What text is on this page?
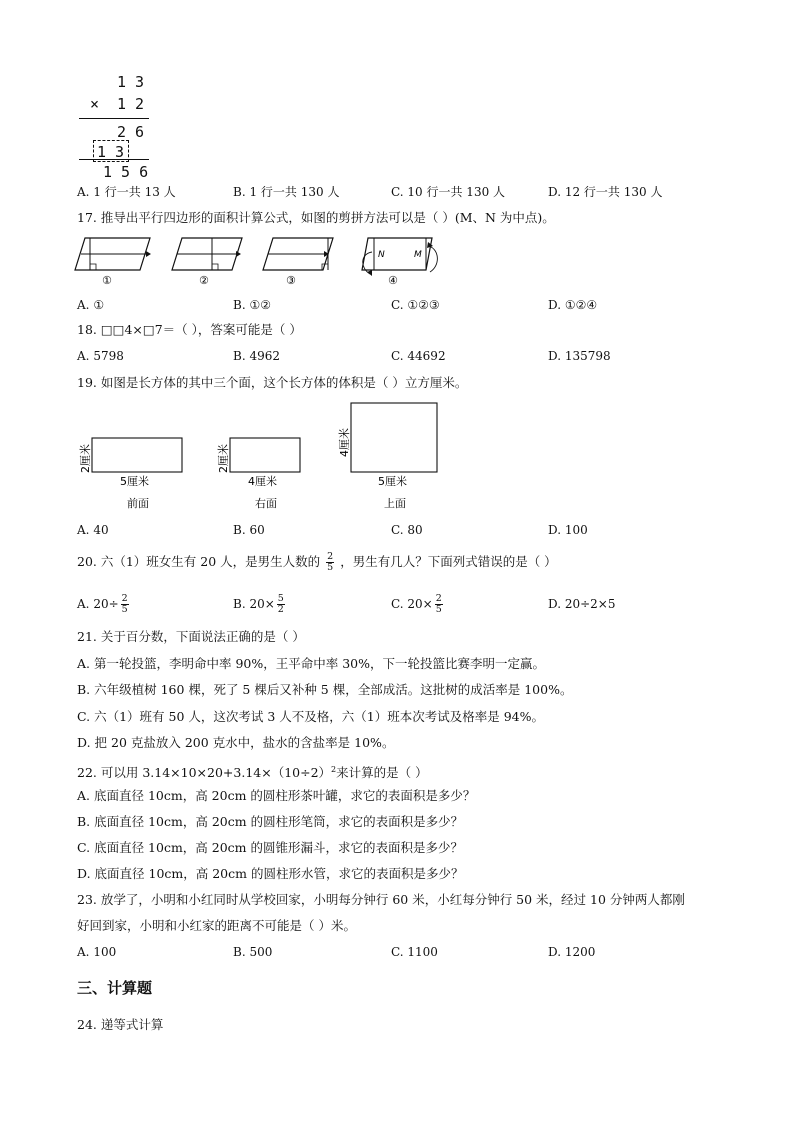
1 3
× 1 2
2 6
1 3
1 5 6
A. 1 行一共 13 人	B. 1 行一共 130 人	C. 10 行一共 130 人	D. 12 行一共 130 人
17. 推导出平行四边形的面积计算公式，如图的剪拼方法可以是（ ）(M、N 为中点)。
①	②	③
N	M
④
A. ①	B. ①②	C. ①②③	D. ①②④
18. □□4×□7＝（ ），答案可能是（ ）
A. 5798	B. 4962	C. 44692	D. 135798
19. 如图是长方体的其中三个面，这个长方体的体积是（ ）立方厘米。
2厘米
5厘米
前面
2厘米
4厘米
右面
4厘米
5厘米
上面
A. 40	B. 60	C. 80	D. 100
20. 六（1）班女生有 20 人，是男生人数的 $\frac{2}{5}$ ，男生有几人？下面列式错误的是（ ）
A. $20\div \frac{2}{5}$	B. $20\times \frac{5}{2}$	C. $20\times \frac{2}{5}$	D. 20÷2×5
21. 关于百分数，下面说法正确的是（ ）
A. 第一轮投篮，李明命中率 90%，王平命中率 30%，下一轮投篮比赛李明一定赢。
B. 六年级植树 160 棵，死了 5 棵后又补种 5 棵，全部成活。这批树的成活率是 100%。
C. 六（1）班有 50 人，这次考试 3 人不及格，六（1）班本次考试及格率是 94%。
D. 把 20 克盐放入 200 克水中，盐水的含盐率是 10%。
22. 可以用 $3.14\times 10\times 20+3.14\times(10\div 2)^2$来计算的是（ ）
A. 底面直径 10cm，高 20cm 的圆柱形茶叶罐，求它的表面积是多少？
B. 底面直径 10cm，高 20cm 的圆柱形笔筒，求它的表面积是多少？
C. 底面直径 10cm，高 20cm 的圆锥形漏斗，求它的表面积是多少？
D. 底面直径 10cm，高 20cm 的圆柱形水管，求它的表面积是多少？
23. 放学了，小明和小红同时从学校回家，小明每分钟行 60 米，小红每分钟行 50 米，经过 10 分钟两人都刚
好回到家，小明和小红家的距离不可能是（ ）米。
A. 100	B. 500	C. 1100	D. 1200
三、计算题
24. 递等式计算
